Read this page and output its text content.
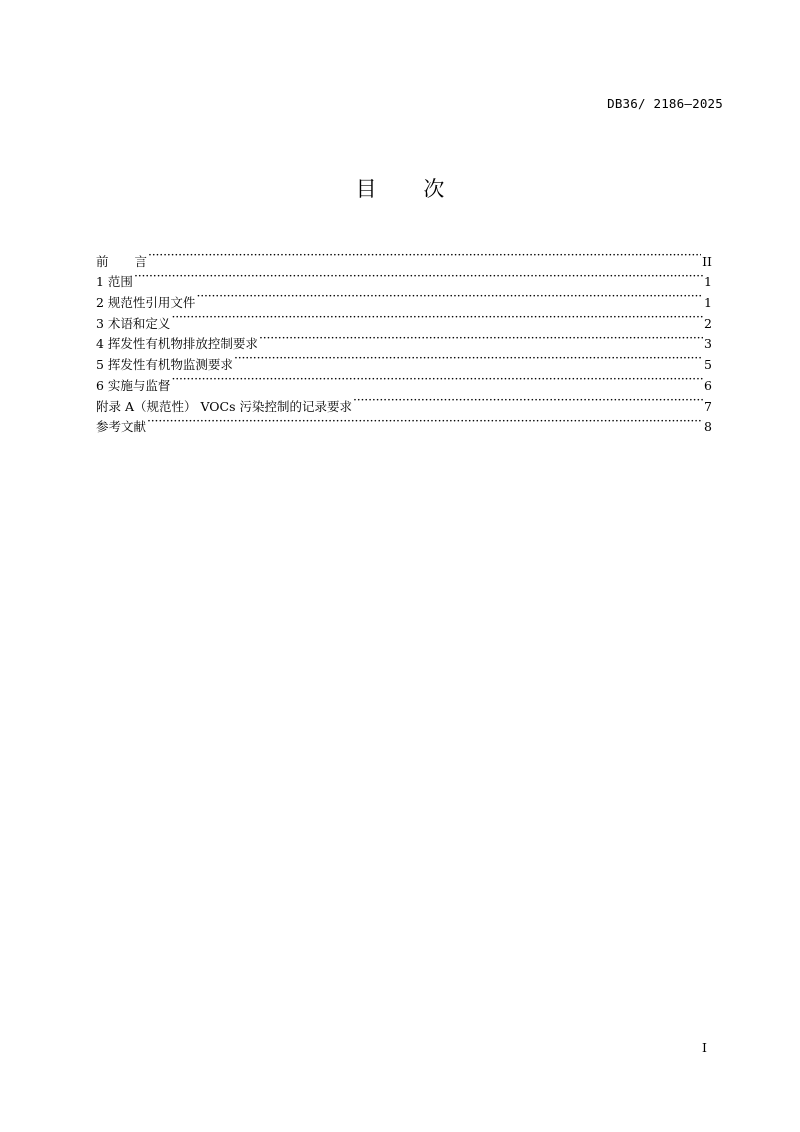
DB36/ 2186—2025
目 次
前 言 ·····	II
1 范围 ·····	1
2 规范性引用文件 ·····	1
3 术语和定义 ·····	2
4 挥发性有机物排放控制要求 ·····	3
5 挥发性有机物监测要求 ·····	5
6 实施与监督 ·····	6
附录 A（规范性） VOCs 污染控制的记录要求 ·····	7
参考文献 ·····	8
I
